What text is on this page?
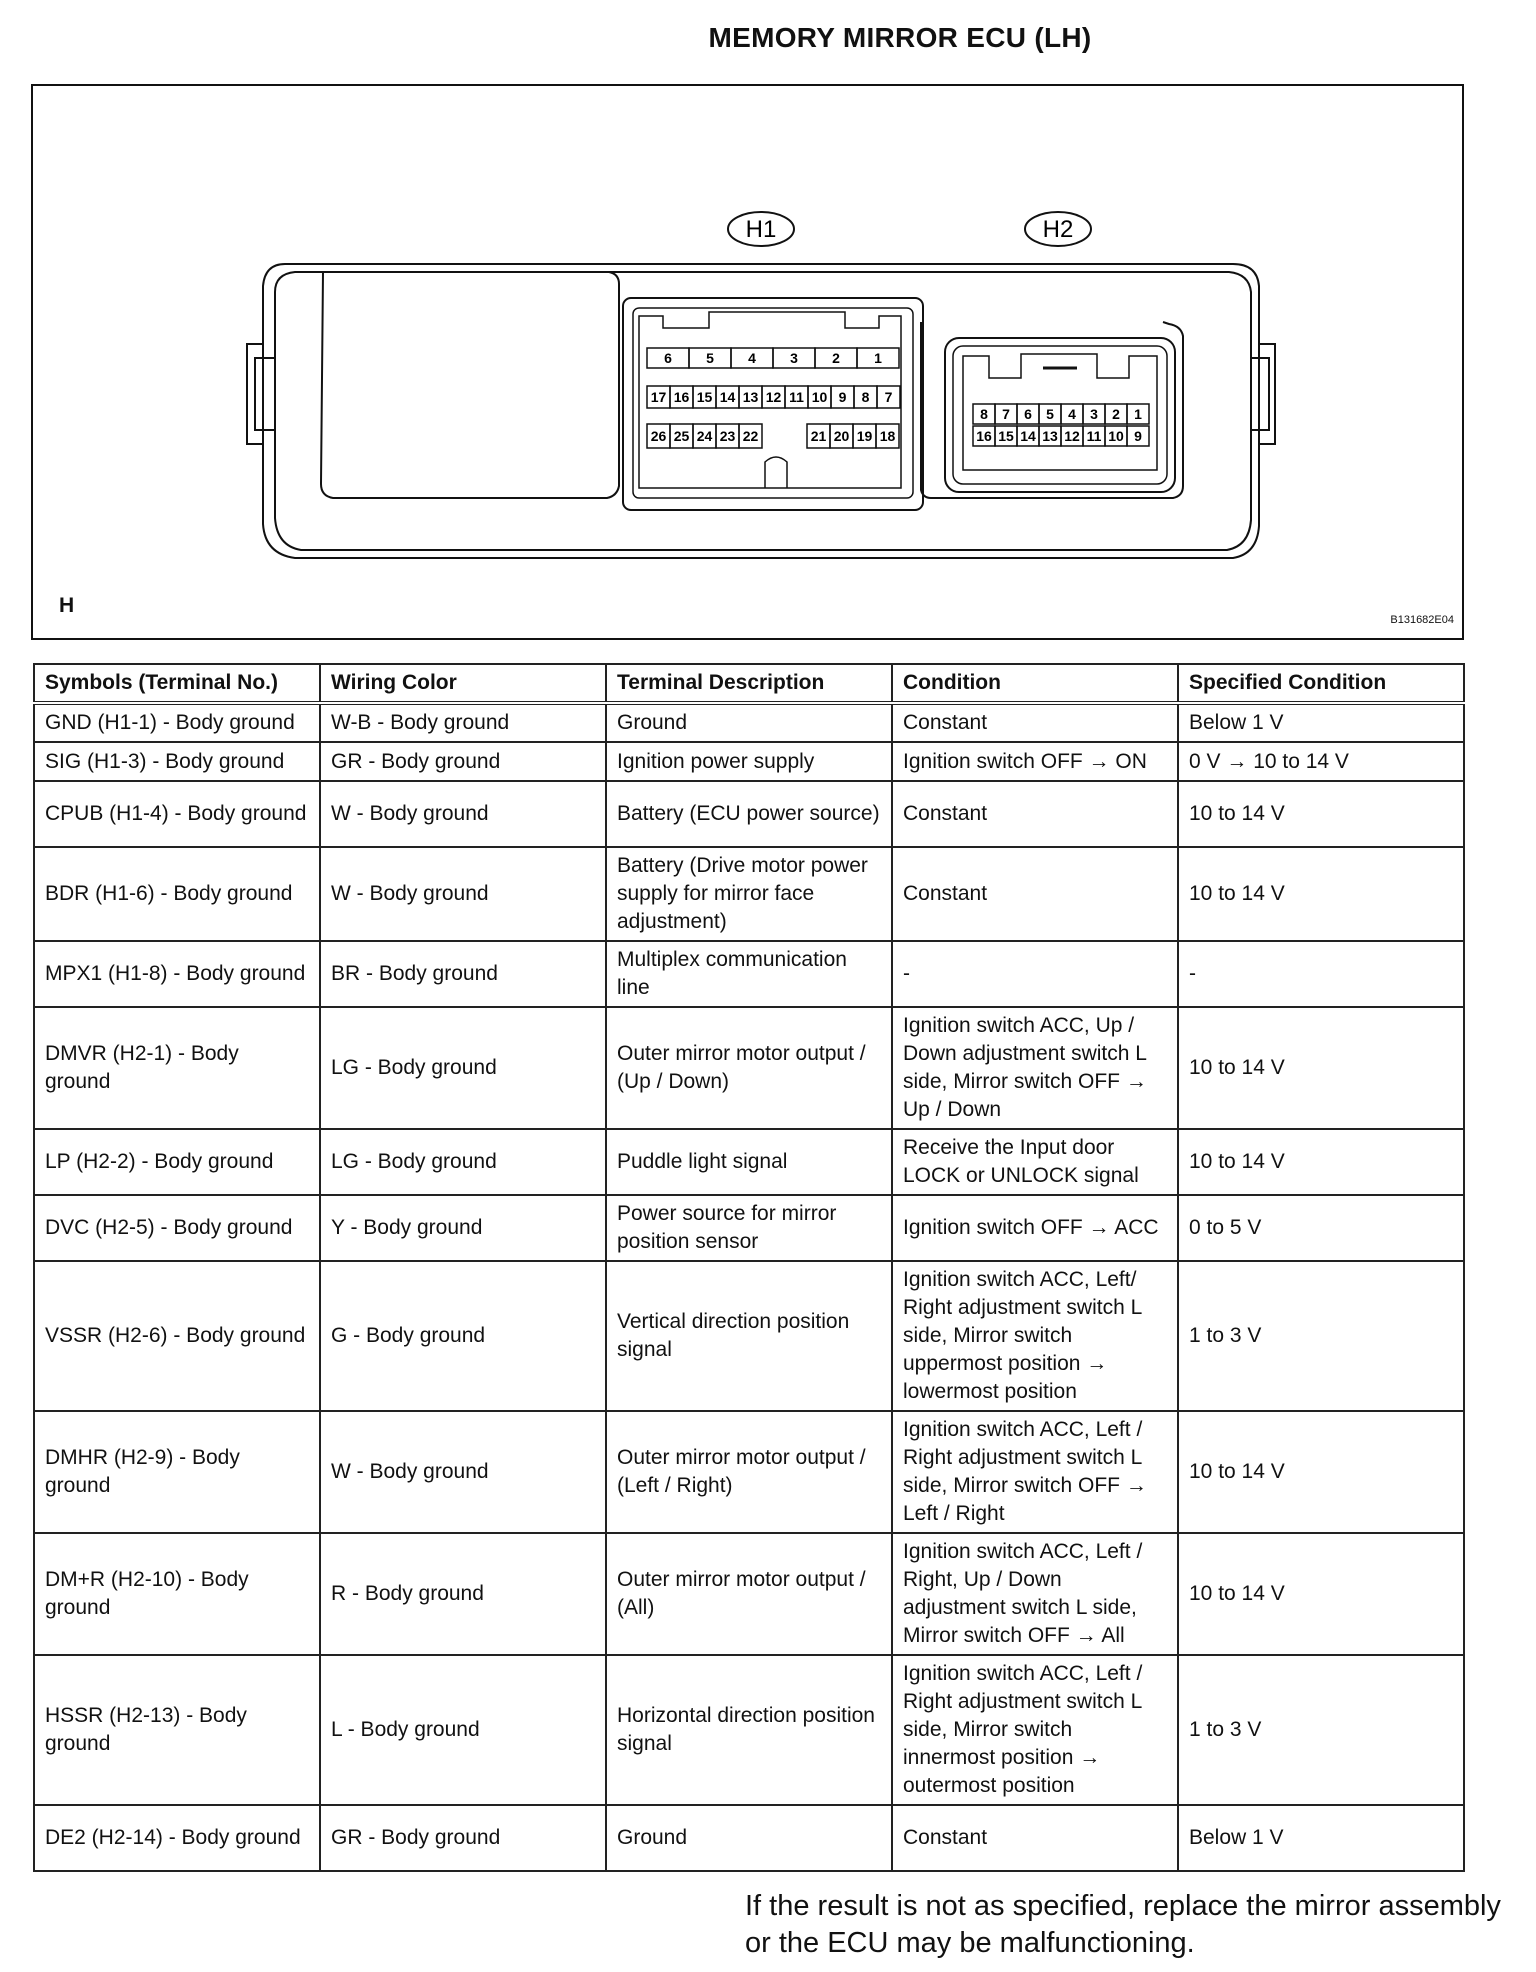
MEMORY MIRROR ECU (LH)
H1
6 5 4 3 2 1
17 16 15 14 13 12 11 10 9 8 7
26 25 24 23 22	21 20 19 18
H2
8 7 6 5 4 3 2 1
16 15 14 13 12 11 10 9
H
B131682E04
Symbols (Terminal No.)	Wiring Color	Terminal Description	Condition	Specified Condition
GND (H1-1) - Body ground	W-B - Body ground	Ground	Constant	Below 1 V
SIG (H1-3) - Body ground	GR - Body ground	Ignition power supply	Ignition switch OFF → ON	0 V → 10 to 14 V
CPUB (H1-4) - Body ground	W - Body ground	Battery (ECU power source)	Constant	10 to 14 V
BDR (H1-6) - Body ground	W - Body ground	Battery (Drive motor power supply for mirror face adjustment)	Constant	10 to 14 V
MPX1 (H1-8) - Body ground	BR - Body ground	Multiplex communication line	-	-
DMVR (H2-1) - Body ground	LG - Body ground	Outer mirror motor output / (Up / Down)	Ignition switch ACC, Up / Down adjustment switch L side, Mirror switch OFF → Up / Down	10 to 14 V
LP (H2-2) - Body ground	LG - Body ground	Puddle light signal	Receive the Input door LOCK or UNLOCK signal	10 to 14 V
DVC (H2-5) - Body ground	Y - Body ground	Power source for mirror position sensor	Ignition switch OFF → ACC	0 to 5 V
VSSR (H2-6) - Body ground	G - Body ground	Vertical direction position signal	Ignition switch ACC, Left/ Right adjustment switch L side, Mirror switch uppermost position → lowermost position	1 to 3 V
DMHR (H2-9) - Body ground	W - Body ground	Outer mirror motor output / (Left / Right)	Ignition switch ACC, Left / Right adjustment switch L side, Mirror switch OFF → Left / Right	10 to 14 V
DM+R (H2-10) - Body ground	R - Body ground	Outer mirror motor output / (All)	Ignition switch ACC, Left / Right, Up / Down adjustment switch L side, Mirror switch OFF → All	10 to 14 V
HSSR (H2-13) - Body ground	L - Body ground	Horizontal direction position signal	Ignition switch ACC, Left / Right adjustment switch L side, Mirror switch innermost position → outermost position	1 to 3 V
DE2 (H2-14) - Body ground	GR - Body ground	Ground	Constant	Below 1 V
If the result is not as specified, replace the mirror assembly or the ECU may be malfunctioning.
